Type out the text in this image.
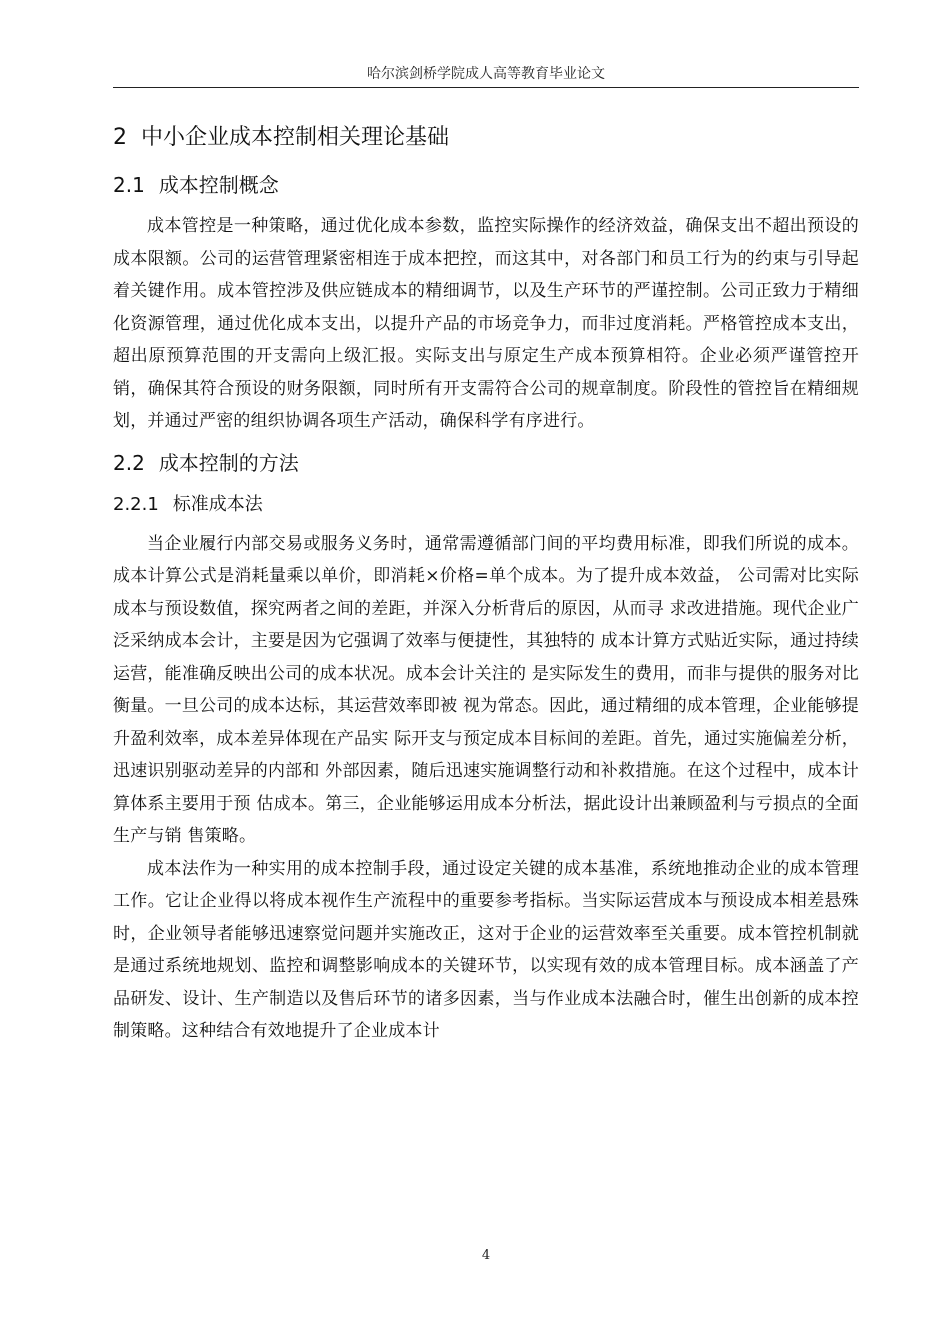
哈尔滨剑桥学院成人高等教育毕业论文
2 中小企业成本控制相关理论基础
2.1 成本控制概念

成本管控是一种策略，通过优化成本参数，监控实际操作的经济效益，确保支出不超出预设的成本限额。公司的运营管理紧密相连于成本把控，而这其中，对各部门和员工行为的约束与引导起着关键作用。成本管控涉及供应链成本的精细调节，以及生产环节的严谨控制。公司正致力于精细化资源管理，通过优化成本支出，以提升产品的市场竞争力，而非过度消耗。严格管控成本支出，超出原预算范围的开支需向上级汇报。实际支出与原定生产成本预算相符。企业必须严谨管控开销，确保其符合预设的财务限额，同时所有开支需符合公司的规章制度。阶段性的管控旨在精细规划，并通过严密的组织协调各项生产活动，确保科学有序进行。

2.2 成本控制的方法
2.2.1 标准成本法

当企业履行内部交易或服务义务时，通常需遵循部门间的平均费用标准，即我们所说的成本。成本计算公式是消耗量乘以单价，即消耗×价格=单个成本。为了提升成本效益， 公司需对比实际成本与预设数值，探究两者之间的差距，并深入分析背后的原因，从而寻 求改进措施。现代企业广泛采纳成本会计，主要是因为它强调了效率与便捷性，其独特的 成本计算方式贴近实际，通过持续运营，能准确反映出公司的成本状况。成本会计关注的 是实际发生的费用，而非与提供的服务对比衡量。一旦公司的成本达标，其运营效率即被 视为常态。因此，通过精细的成本管理，企业能够提升盈利效率，成本差异体现在产品实 际开支与预定成本目标间的差距。首先，通过实施偏差分析，迅速识别驱动差异的内部和 外部因素，随后迅速实施调整行动和补救措施。在这个过程中，成本计算体系主要用于预 估成本。第三，企业能够运用成本分析法，据此设计出兼顾盈利与亏损点的全面生产与销 售策略。

成本法作为一种实用的成本控制手段，通过设定关键的成本基准，系统地推动企业的成本管理工作。它让企业得以将成本视作生产流程中的重要参考指标。当实际运营成本与预设成本相差悬殊时，企业领导者能够迅速察觉问题并实施改正，这对于企业的运营效率至关重要。成本管控机制就是通过系统地规划、监控和调整影响成本的关键环节，以实现有效的成本管理目标。成本涵盖了产品研发、设计、生产制造以及售后环节的诸多因素，当与作业成本法融合时，催生出创新的成本控制策略。这种结合有效地提升了企业成本计

4
